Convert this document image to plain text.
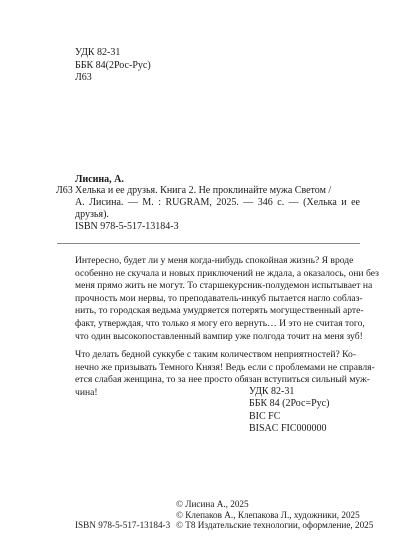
УДК 82-31
ББК 84(2Рос-Рус)
Л63
Л63
Лисина, А.
Хелька и ее друзья. Книга 2. Не проклинайте мужа Светом /
А. Лисина. — М. : RUGRAM, 2025. — 346 с. — (Хелька и ее друзья).
ISBN 978-5-517-13184-3

Интересно, будет ли у меня когда-нибудь спокойная жизнь? Я вроде
особенно не скучала и новых приключений не ждала, а оказалось, они без
меня прямо жить не могут. То старшекурсник-полудемон испытывает на
прочность мои нервы, то преподаватель-инкуб пытается нагло соблаз-
нить, то городская ведьма умудряется потерять могущественный арте-
факт, утверждая, что только я могу его вернуть… И это не считая того,
что один высокопоставленный вампир уже полгода точит на меня зуб!

Что делать бедной суккубе с таким количеством неприятностей? Ко-
нечно же призывать Темного Князя! Ведь если с проблемами не справля-
ется слабая женщина, то за нее просто обязан вступиться сильный муж-
чина!	УДК 82-31
ББК 84 (2Рос=Рус)
BIC FC
BISAC FIC000000
© Лисина А., 2025
© Клепаков А., Клепакова Л., художники, 2025
© Т8 Издательские технологии, оформление, 2025
ISBN 978-5-517-13184-3
